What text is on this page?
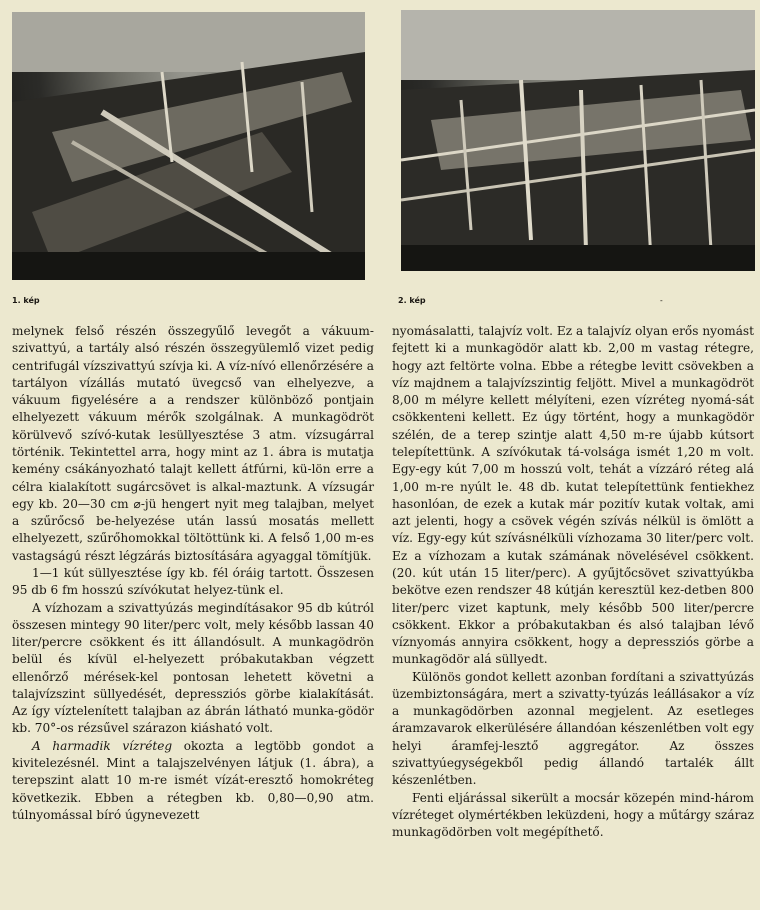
1. kép	2. kép	-

melynek felső részén összegyűlő levegőt a vákuum-szivattyú, a tartály alsó részén összegyülemlő vizet pedig centrifugál vízszivattyú szívja ki. A víz-nívó ellenőrzésére a tartályon vízállás mutató üvegcső van elhelyezve, a vákuum figyelésére a a rendszer különböző pontjain elhelyezett vákuum mérők szolgálnak. A munkagödröt körülvevő szívó-kutak lesüllyesztése 3 atm. vízsugárral történik. Tekintettel arra, hogy mint az 1. ábra is mutatja kemény csákányozható talajt kellett átfúrni, kü-lön erre a célra kialakított sugárcsövet is alkal-maztunk. A vízsugár egy kb. 20—30 cm ⌀-jü hengert nyit meg talajban, melyet a szűrőcső be-helyezése után lassú mosatás mellett elhelyezett, szűrőhomokkal töltöttünk ki. A felső 1,00 m-es vastagságú részt légzárás biztosítására agyaggal tömítjük.

1—1 kút süllyesztése így kb. fél óráig tartott. Összesen 95 db 6 fm hosszú szívókutat helyez-tünk el.

A vízhozam a szivattyúzás megindításakor 95 db kútról összesen mintegy 90 liter/perc volt, mely később lassan 40 liter/percre csökkent és itt állandósult. A munkagödrön belül és kívül el-helyezett próbakutakban végzett ellenőrző mérések-kel pontosan lehetett követni a talajvízszint süllyedését, depressziós görbe kialakítását. Az így víztelenített talajban az ábrán látható munka-gödör kb. 70°-os rézsűvel szárazon kiásható volt.

A harmadik vízréteg okozta a legtöbb gondot a kivitelezésnél. Mint a talajszelvényen látjuk (1. ábra), a terepszint alatt 10 m-re ismét vízát-eresztő homokréteg következik. Ebben a rétegben kb. 0,80—0,90 atm. túlnyomással bíró úgynevezett

nyomásalatti, talajvíz volt. Ez a talajvíz olyan erős nyomást fejtett ki a munkagödör alatt kb. 2,00 m vastag rétegre, hogy azt feltörte volna. Ebbe a rétegbe levitt csövekben a víz majdnem a talajvízszintig feljött. Mivel a munkagödröt 8,00 m mélyre kellett mélyíteni, ezen vízréteg nyomá-sát csökkenteni kellett. Ez úgy történt, hogy a munkagödör szélén, de a terep szintje alatt 4,50 m-re újabb kútsort telepítettünk. A szívókutak tá-volsága ismét 1,20 m volt. Egy-egy kút 7,00 m hosszú volt, tehát a vízzáró réteg alá 1,00 m-re nyúlt le. 48 db. kutat telepítettünk fentiekhez hasonlóan, de ezek a kutak már pozitív kutak voltak, ami azt jelenti, hogy a csövek végén szívás nélkül is ömlött a víz. Egy-egy kút szívásnélküli vízhozama 30 liter/perc volt. Ez a vízhozam a kutak számának növelésével csökkent. (20. kút után 15 liter/perc). A gyűjtőcsövet szivattyúkba bekötve ezen rendszer 48 kútján keresztül kez-detben 800 liter/perc vizet kaptunk, mely később 500 liter/percre csökkent. Ekkor a próbakutakban és alsó talajban lévő víznyomás annyira csökkent, hogy a depressziós görbe a munkagödör alá süllyedt.

Különös gondot kellett azonban fordítani a szivattyúzás üzembiztonságára, mert a szivatty-tyúzás leállásakor a víz a munkagödörben azonnal megjelent. Az esetleges áramzavarok elkerülésére állandóan készenlétben volt egy helyi áramfej-lesztő aggregátor. Az összes szivattyúegységekből pedig állandó tartalék állt készenlétben.

Fenti eljárással sikerült a mocsár közepén mind-három vízréteget olymértékben leküzdeni, hogy a műtárgy száraz munkagödörben volt megépíthető.
